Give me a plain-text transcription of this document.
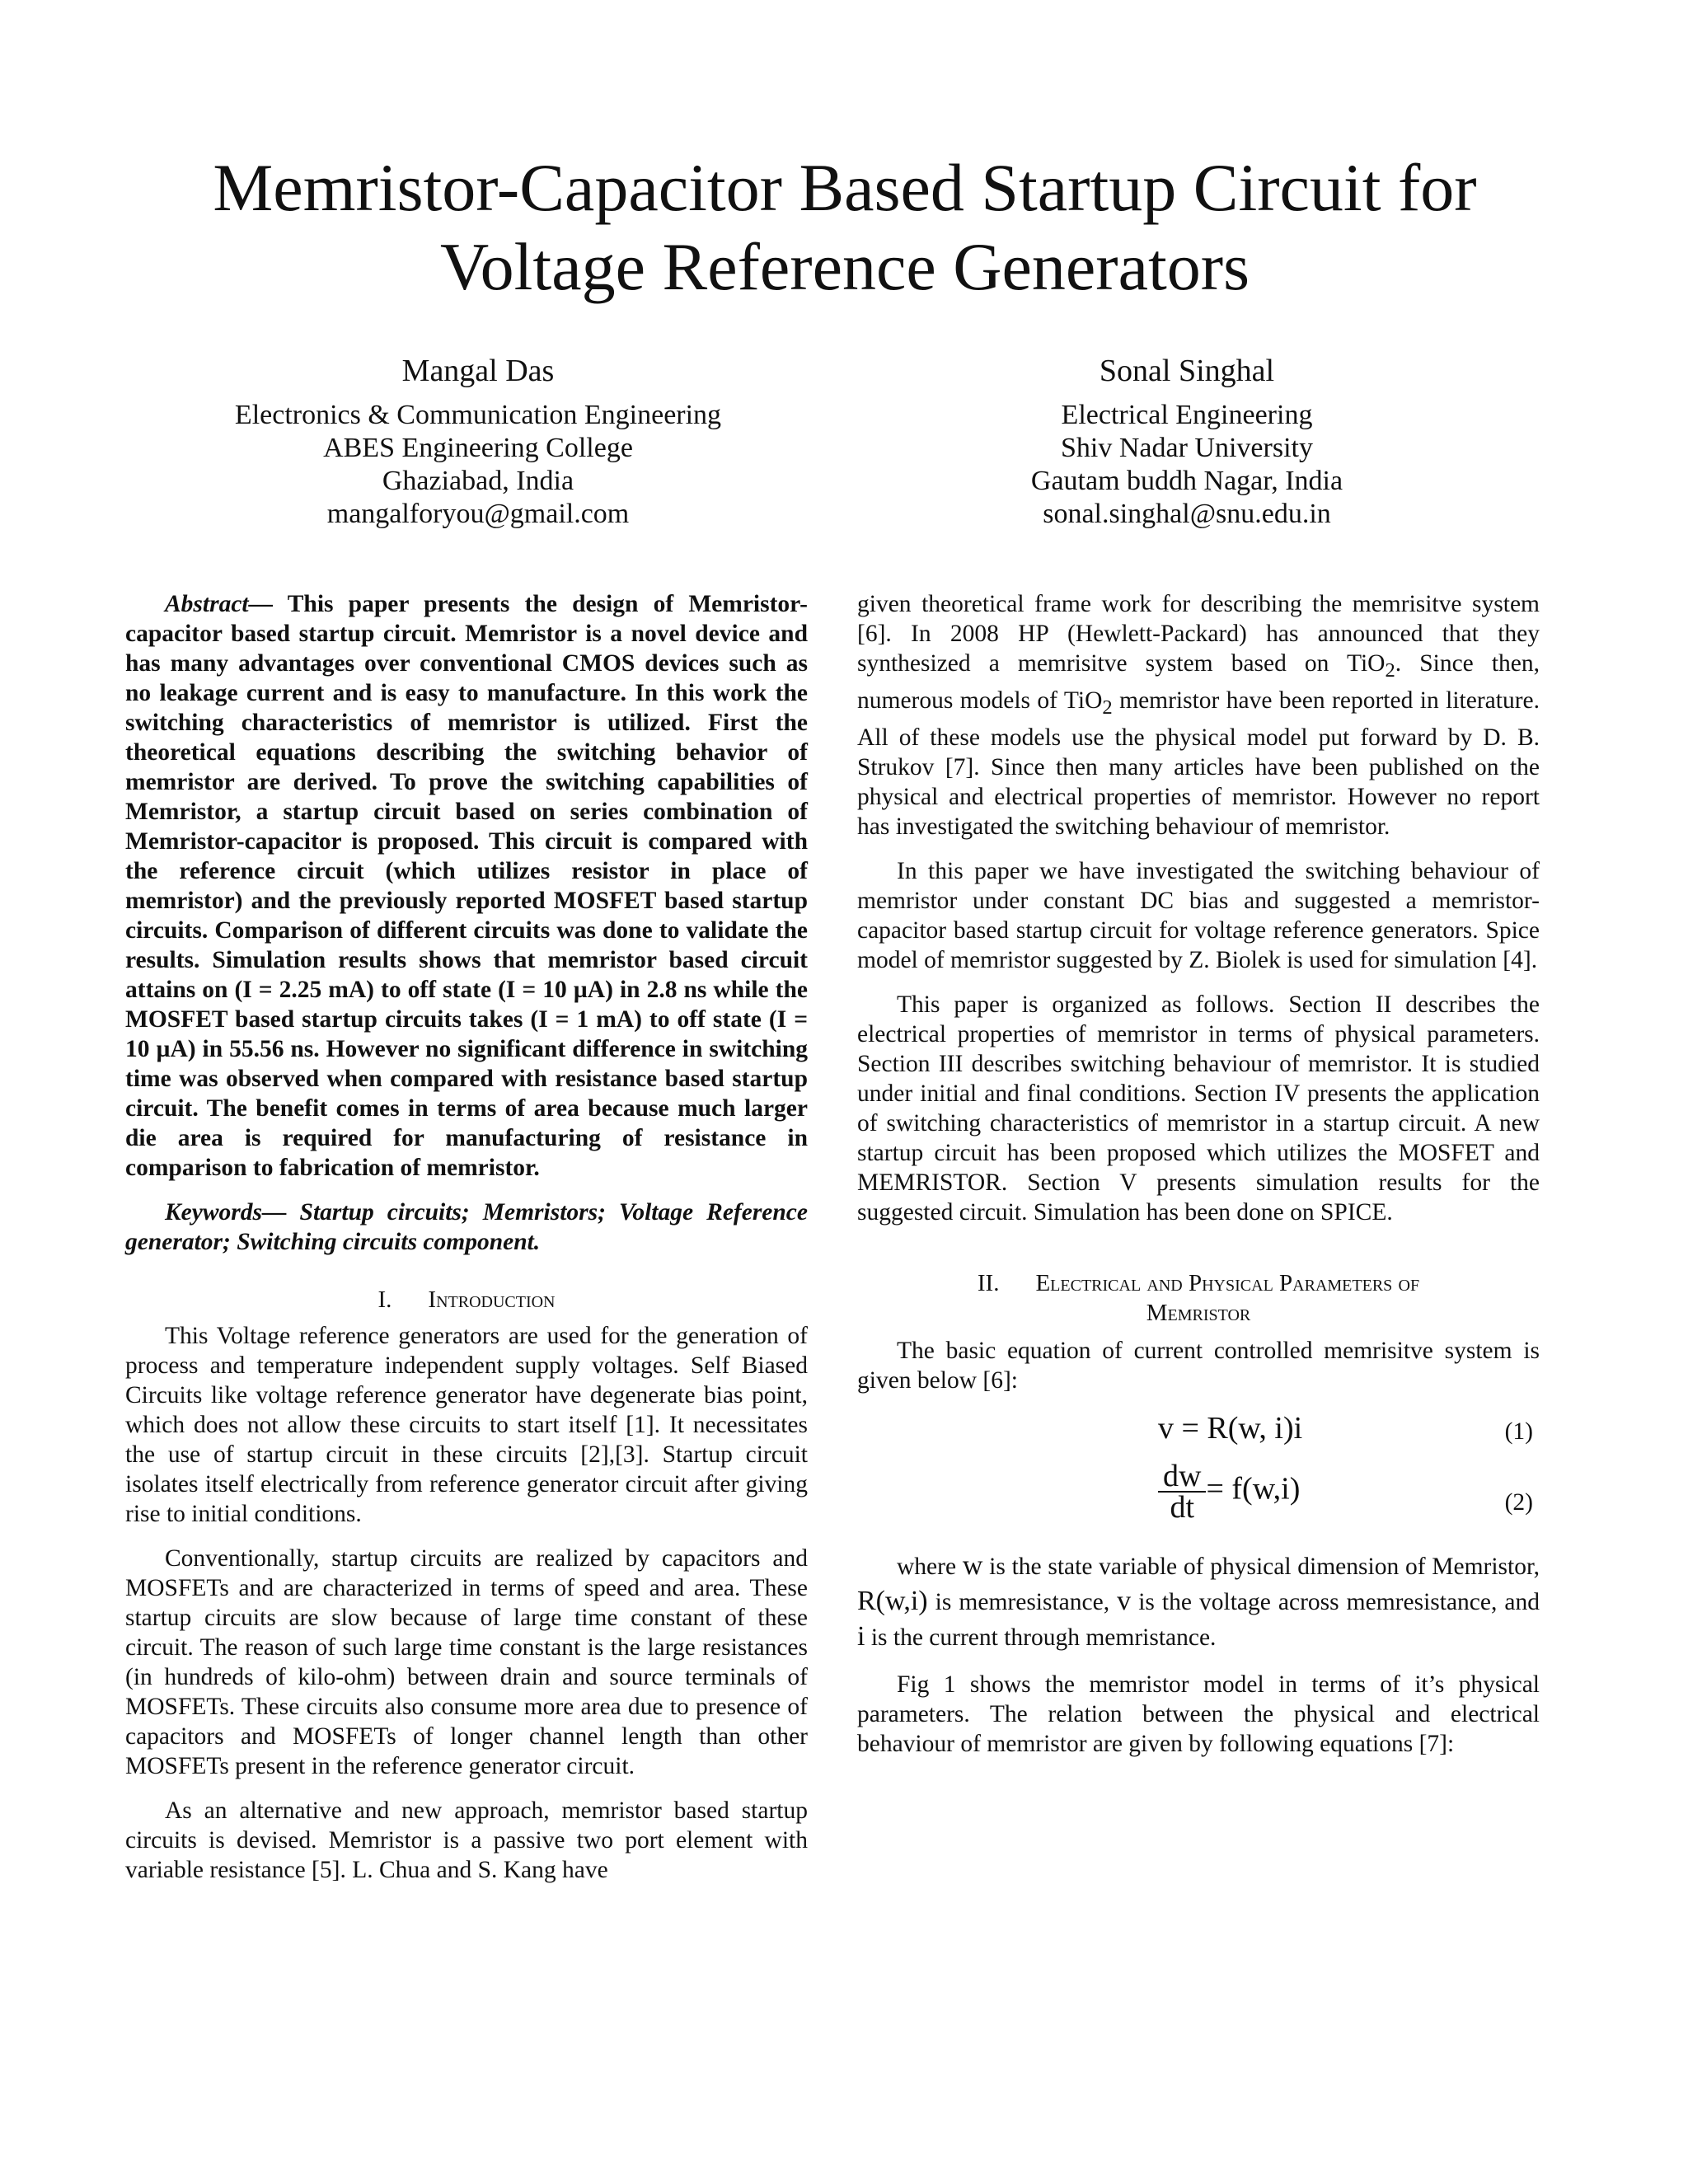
Memristor-Capacitor Based Startup Circuit for
Voltage Reference Generators
Mangal Das
Electronics & Communication Engineering
ABES Engineering College
Ghaziabad, India
mangalforyou@gmail.com
Sonal Singhal
Electrical Engineering
Shiv Nadar University
Gautam buddh Nagar, India
sonal.singhal@snu.edu.in

Abstract— This paper presents the design of Memristor-capacitor based startup circuit. Memristor is a novel device and has many advantages over conventional CMOS devices such as no leakage current and is easy to manufacture. In this work the switching characteristics of memristor is utilized. First the theoretical equations describing the switching behavior of memristor are derived. To prove the switching capabilities of Memristor, a startup circuit based on series combination of Memristor-capacitor is proposed. This circuit is compared with the reference circuit (which utilizes resistor in place of memristor) and the previously reported MOSFET based startup circuits. Comparison of different circuits was done to validate the results. Simulation results shows that memristor based circuit attains on (I = 2.25 mA) to off state (I = 10 µA) in 2.8 ns while the MOSFET based startup circuits takes (I = 1 mA) to off state (I = 10 µA) in 55.56 ns. However no significant difference in switching time was observed when compared with resistance based startup circuit. The benefit comes in terms of area because much larger die area is required for manufacturing of resistance in comparison to fabrication of memristor.

Keywords— Startup circuits; Memristors; Voltage Reference generator; Switching circuits component.

I. Introduction

This Voltage reference generators are used for the generation of process and temperature independent supply voltages. Self Biased Circuits like voltage reference generator have degenerate bias point, which does not allow these circuits to start itself [1]. It necessitates the use of startup circuit in these circuits [2],[3]. Startup circuit isolates itself electrically from reference generator circuit after giving rise to initial conditions.

Conventionally, startup circuits are realized by capacitors and MOSFETs and are characterized in terms of speed and area. These startup circuits are slow because of large time constant of these circuit. The reason of such large time constant is the large resistances (in hundreds of kilo-ohm) between drain and source terminals of MOSFETs. These circuits also consume more area due to presence of capacitors and MOSFETs of longer channel length than other MOSFETs present in the reference generator circuit.

As an alternative and new approach, memristor based startup circuits is devised. Memristor is a passive two port element with variable resistance [5]. L. Chua and S. Kang have

given theoretical frame work for describing the memrisitve system [6]. In 2008 HP (Hewlett-Packard) has announced that they synthesized a memrisitve system based on TiO$_2$. Since then, numerous models of TiO$_2$ memristor have been reported in literature. All of these models use the physical model put forward by D. B. Strukov [7]. Since then many articles have been published on the physical and electrical properties of memristor. However no report has investigated the switching behaviour of memristor.

In this paper we have investigated the switching behaviour of memristor under constant DC bias and suggested a memristor-capacitor based startup circuit for voltage reference generators. Spice model of memristor suggested by Z. Biolek is used for simulation [4].

This paper is organized as follows. Section II describes the electrical properties of memristor in terms of physical parameters. Section III describes switching behaviour of memristor. It is studied under initial and final conditions. Section IV presents the application of switching characteristics of memristor in a startup circuit. A new startup circuit has been proposed which utilizes the MOSFET and MEMRISTOR. Section V presents simulation results for the suggested circuit. Simulation has been done on SPICE.

II. Electrical and Physical Parameters of
Memristor

The basic equation of current controlled memrisitve system is given below [6]:

v = R(w, i)i	(1)
$\frac{dw}{dt} = f(w,i)$	(2)

where w is the state variable of physical dimension of Memristor, R(w,i) is memresistance, v is the voltage across memresistance, and i is the current through memristance.

Fig 1 shows the memristor model in terms of it’s physical parameters. The relation between the physical and electrical behaviour of memristor are given by following equations [7]:
